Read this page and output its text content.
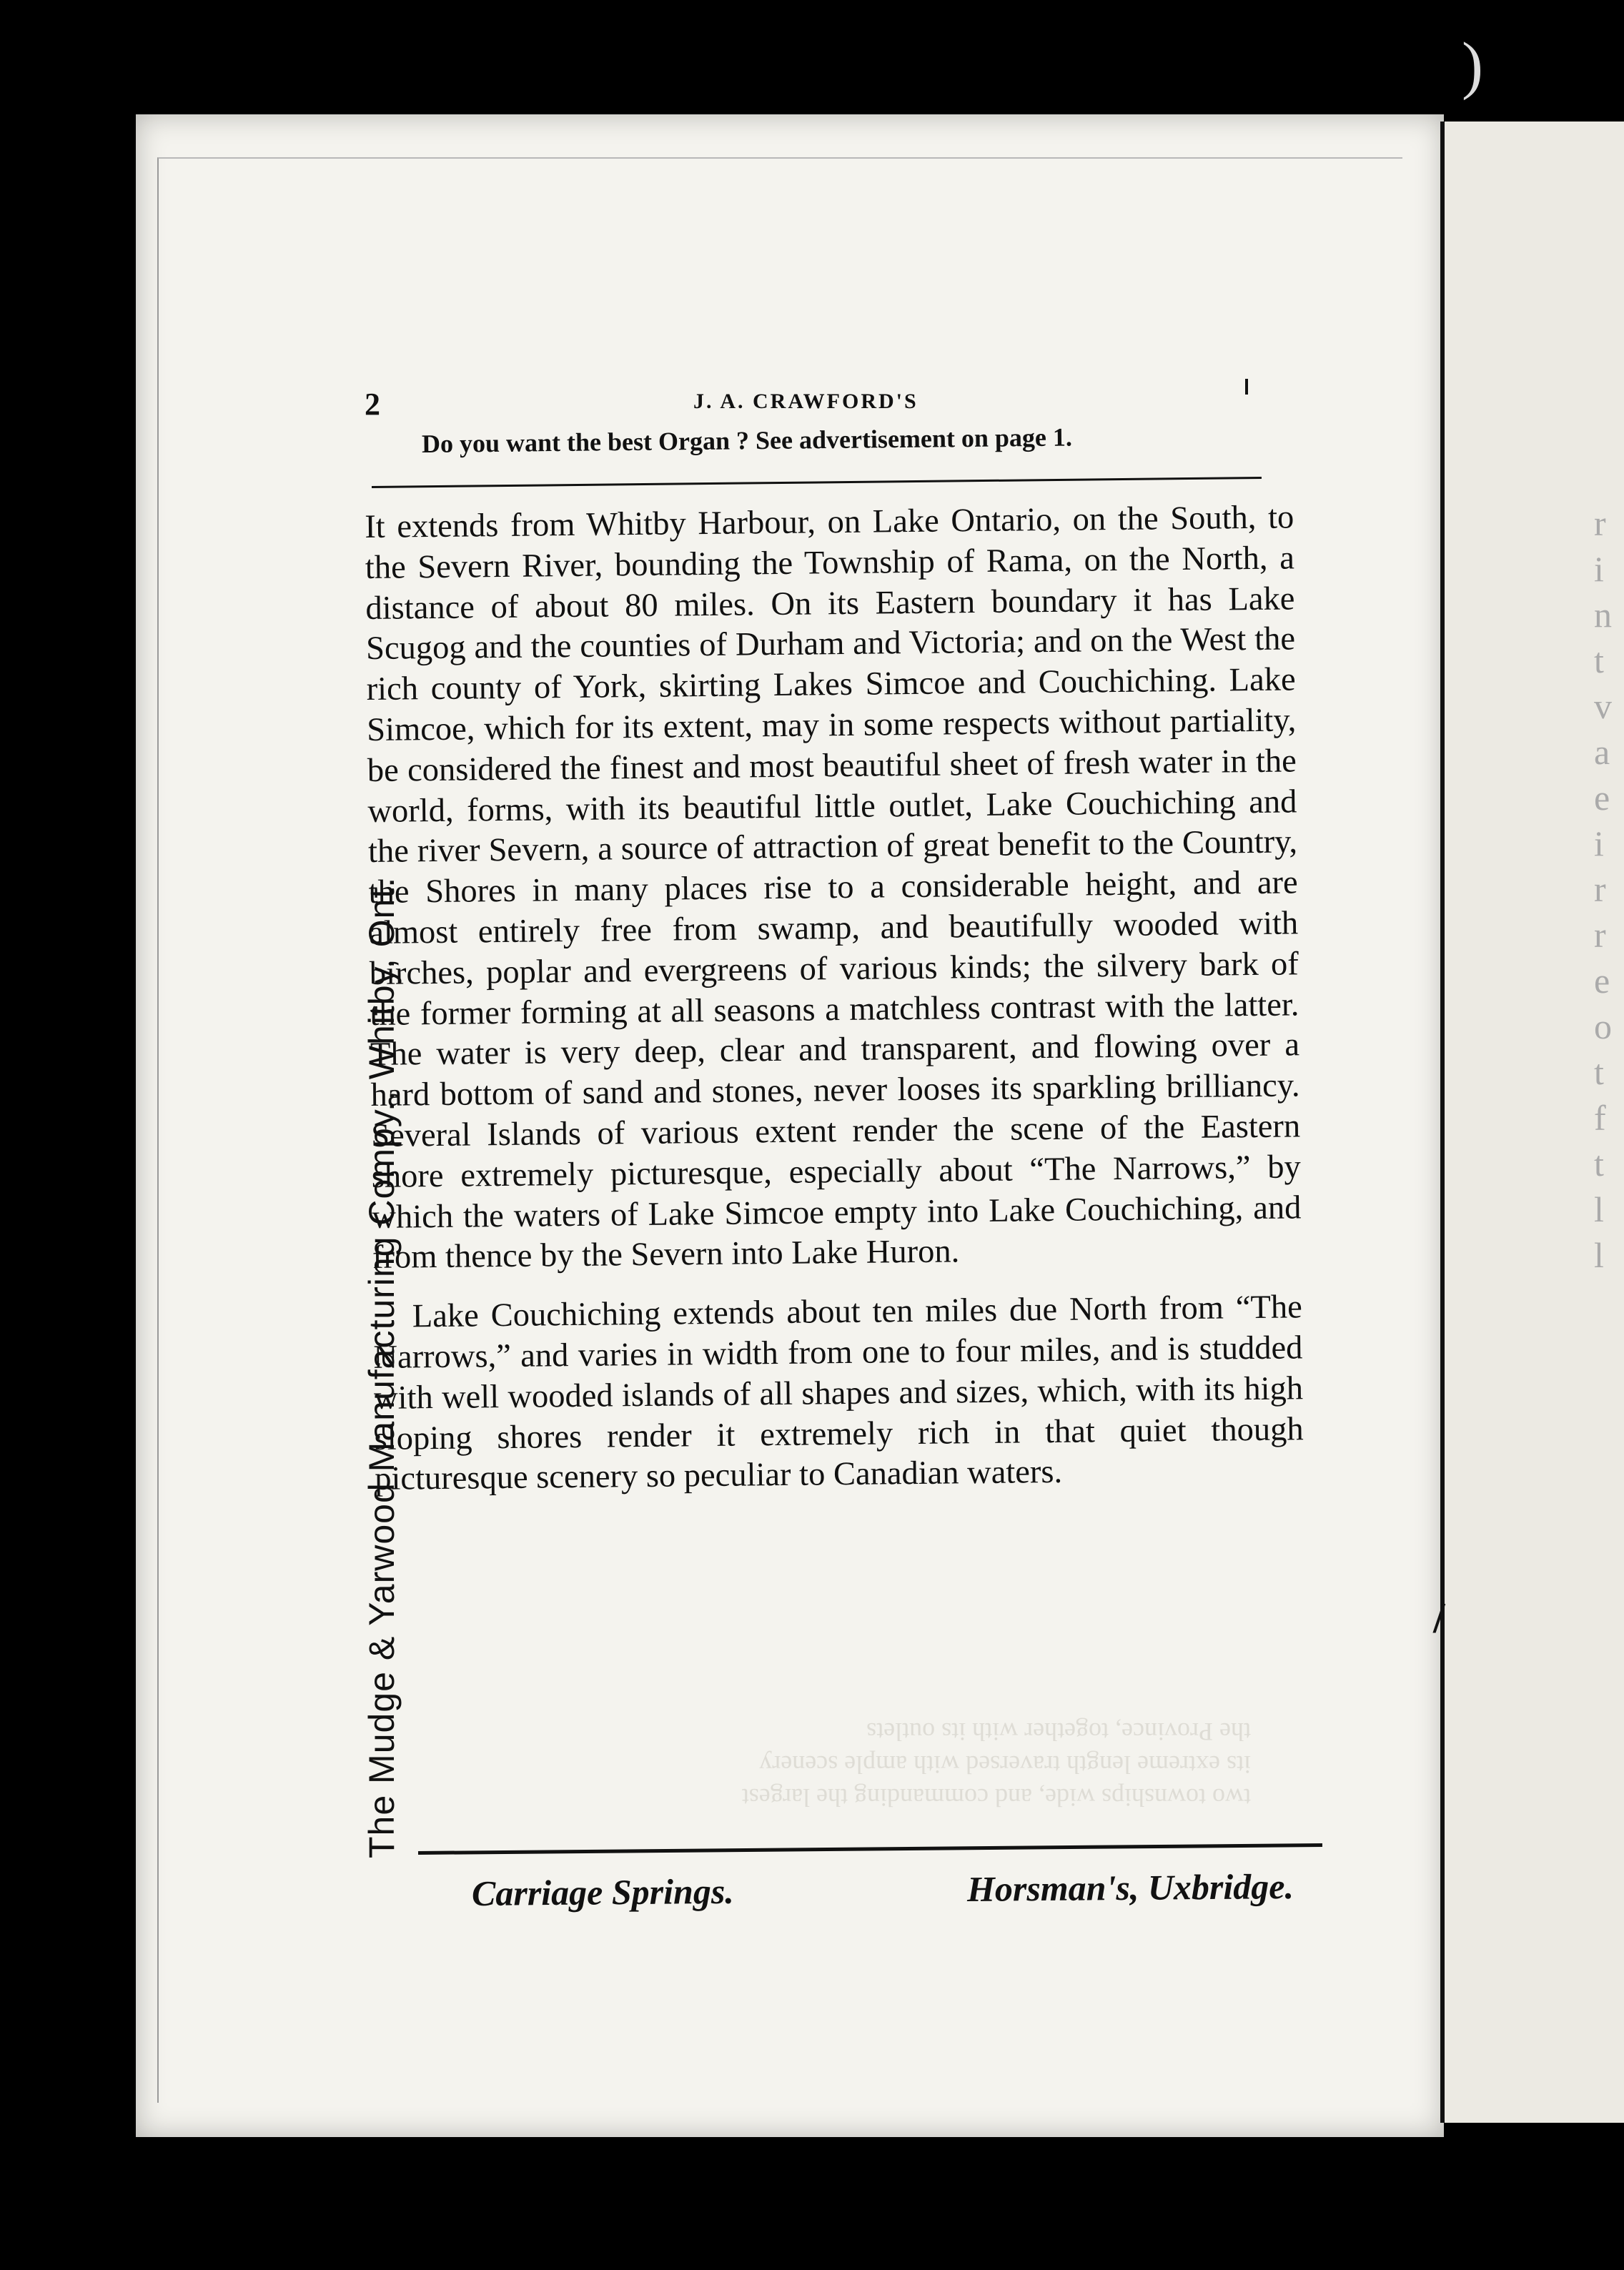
)
r
i
n
t
v
a
e
i
r
r
e
o
t
f
t
l
l
two townships wide, and commanding the largest
its extreme length traversed with ample scenery
the Province, together with its outlets
2	J. A. CRAWFORD'S
Do you want the best Organ ? See advertisement on page 1.
The Mudge & Yarwood Manufacturing Compy., Whitby, Ont.

It extends from Whitby Harbour, on Lake Ontario, on the South, to the Severn River, bounding the Township of Rama, on the North, a distance of about 80 miles. On its Eastern boundary it has Lake Scugog and the counties of Durham and Victoria; and on the West the rich county of York, skirting Lakes Simcoe and Couchiching. Lake Simcoe, which for its extent, may in some respects without partiality, be considered the finest and most beautiful sheet of fresh water in the world, forms, with its beautiful little outlet, Lake Couchiching and the river Severn, a source of attraction of great benefit to the Country, the Shores in many places rise to a considerable height, and are almost entirely free from swamp, and beautifully wooded with birches, poplar and evergreens of various kinds; the silvery bark of the former forming at all seasons a matchless contrast with the latter. The water is very deep, clear and transparent, and flowing over a hard bottom of sand and stones, never looses its sparkling brilliancy. Several Islands of various extent render the scene of the Eastern shore extremely picturesque, especially about “The Narrows,” by which the waters of Lake Simcoe empty into Lake Couchiching, and from thence by the Severn into Lake Huron.

Lake Couchiching extends about ten miles due North from “The Narrows,” and varies in width from one to four miles, and is studded with well wooded islands of all shapes and sizes, which, with its high sloping shores render it extremely rich in that quiet though picturesque scenery so peculiar to Canadian waters.

Carriage Springs.	Horsman's, Uxbridge.
/
